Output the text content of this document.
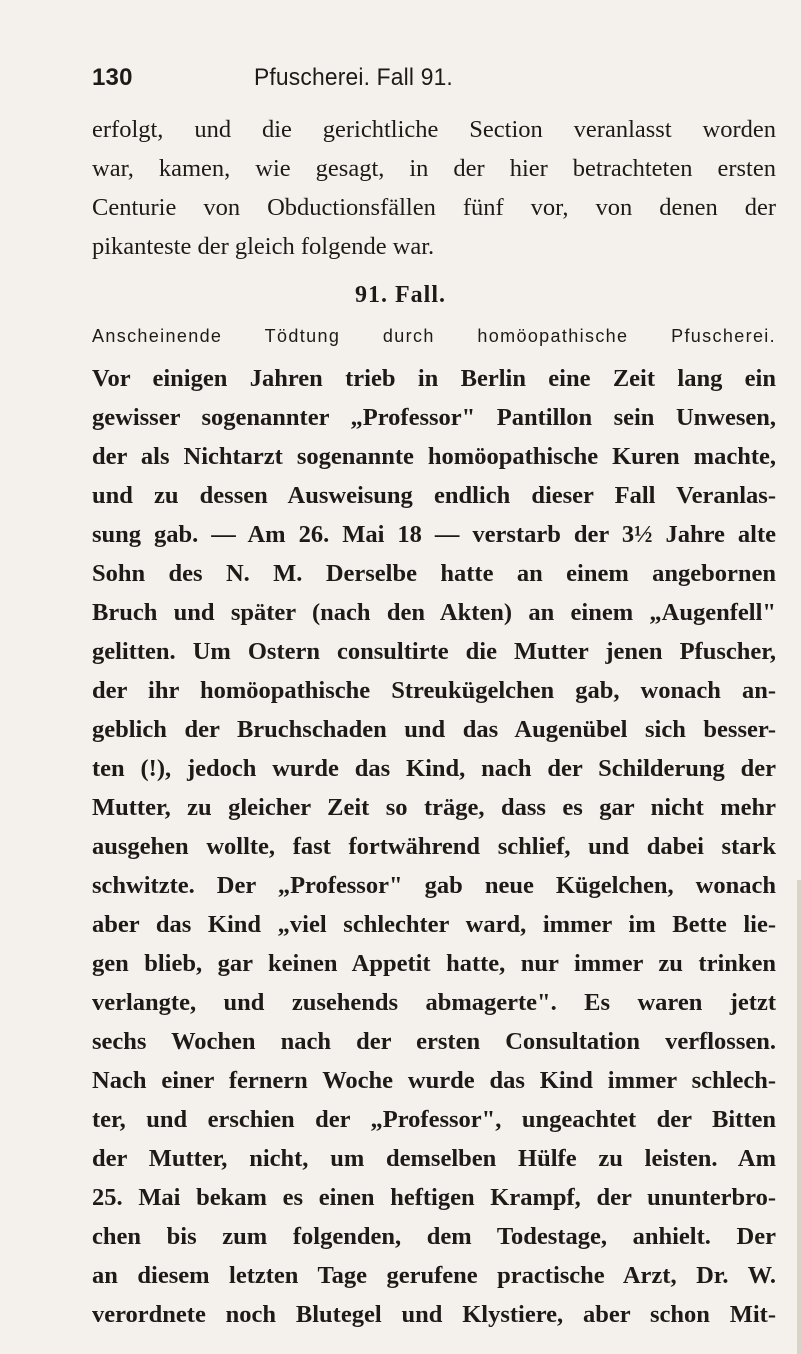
130	Pfuscherei. Fall 91.
erfolgt, und die gerichtliche Section veranlasst worden
war, kamen, wie gesagt, in der hier betrachteten ersten
Centurie von Obductionsfällen fünf vor, von denen der
pikanteste der gleich folgende war.
91. Fall.
Anscheinende Tödtung durch homöopathische Pfuscherei.
Vor einigen Jahren trieb in Berlin eine Zeit lang ein
gewisser sogenannter „Professor" Pantillon sein Unwesen,
der als Nichtarzt sogenannte homöopathische Kuren machte,
und zu dessen Ausweisung endlich dieser Fall Veranlas-
sung gab. — Am 26. Mai 18 — verstarb der 3½ Jahre alte
Sohn des N. M. Derselbe hatte an einem angebornen
Bruch und später (nach den Akten) an einem „Augenfell"
gelitten. Um Ostern consultirte die Mutter jenen Pfuscher,
der ihr homöopathische Streukügelchen gab, wonach an-
geblich der Bruchschaden und das Augenübel sich besser-
ten (!), jedoch wurde das Kind, nach der Schilderung der
Mutter, zu gleicher Zeit so träge, dass es gar nicht mehr
ausgehen wollte, fast fortwährend schlief, und dabei stark
schwitzte. Der „Professor" gab neue Kügelchen, wonach
aber das Kind „viel schlechter ward, immer im Bette lie-
gen blieb, gar keinen Appetit hatte, nur immer zu trinken
verlangte, und zusehends abmagerte". Es waren jetzt
sechs Wochen nach der ersten Consultation verflossen.
Nach einer fernern Woche wurde das Kind immer schlech-
ter, und erschien der „Professor", ungeachtet der Bitten
der Mutter, nicht, um demselben Hülfe zu leisten. Am
25. Mai bekam es einen heftigen Krampf, der ununterbro-
chen bis zum folgenden, dem Todestage, anhielt. Der
an diesem letzten Tage gerufene practische Arzt, Dr. W.
verordnete noch Blutegel und Klystiere, aber schon Mit-
